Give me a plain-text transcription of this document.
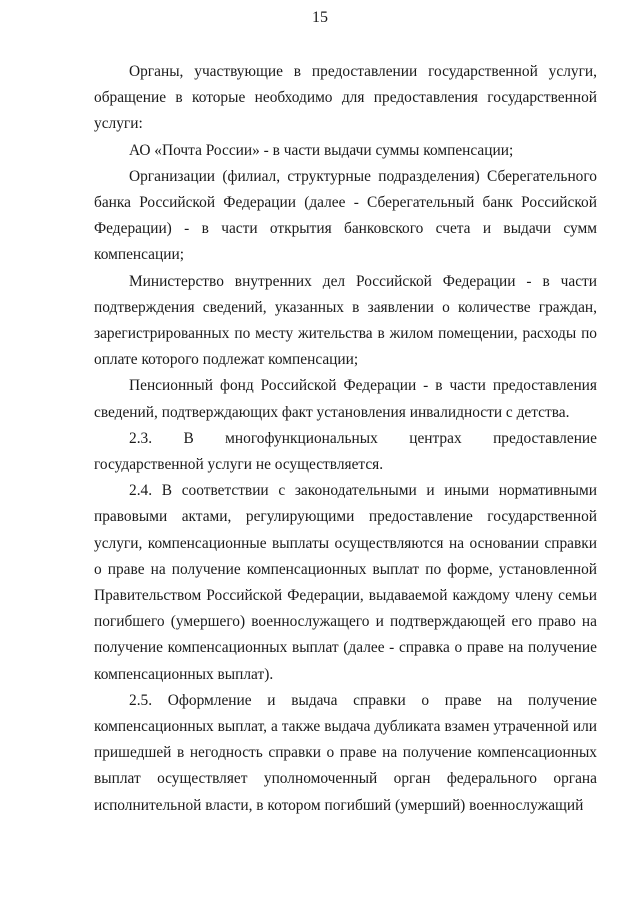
15

Органы, участвующие в предоставлении государственной услуги, обращение в которые необходимо для предоставления государственной услуги:

АО «Почта России» - в части выдачи суммы компенсации;

Организации (филиал, структурные подразделения) Сберегательного банка Российской Федерации (далее - Сберегательный банк Российской Федерации) - в части открытия банковского счета и выдачи сумм компенсации;

Министерство внутренних дел Российской Федерации - в части подтверждения сведений, указанных в заявлении о количестве граждан, зарегистрированных по месту жительства в жилом помещении, расходы по оплате которого подлежат компенсации;

Пенсионный фонд Российской Федерации - в части предоставления сведений, подтверждающих факт установления инвалидности с детства.

2.3. В многофункциональных центрах предоставление государственной услуги не осуществляется.

2.4. В соответствии с законодательными и иными нормативными правовыми актами, регулирующими предоставление государственной услуги, компенсационные выплаты осуществляются на основании справки о праве на получение компенсационных выплат по форме, установленной Правительством Российской Федерации, выдаваемой каждому члену семьи погибшего (умершего) военнослужащего и подтверждающей его право на получение компенсационных выплат (далее - справка о праве на получение компенсационных выплат).

2.5. Оформление и выдача справки о праве на получение компенсационных выплат, а также выдача дубликата взамен утраченной или пришедшей в негодность справки о праве на получение компенсационных выплат осуществляет уполномоченный орган федерального органа исполнительной власти, в котором погибший (умерший) военнослужащий
